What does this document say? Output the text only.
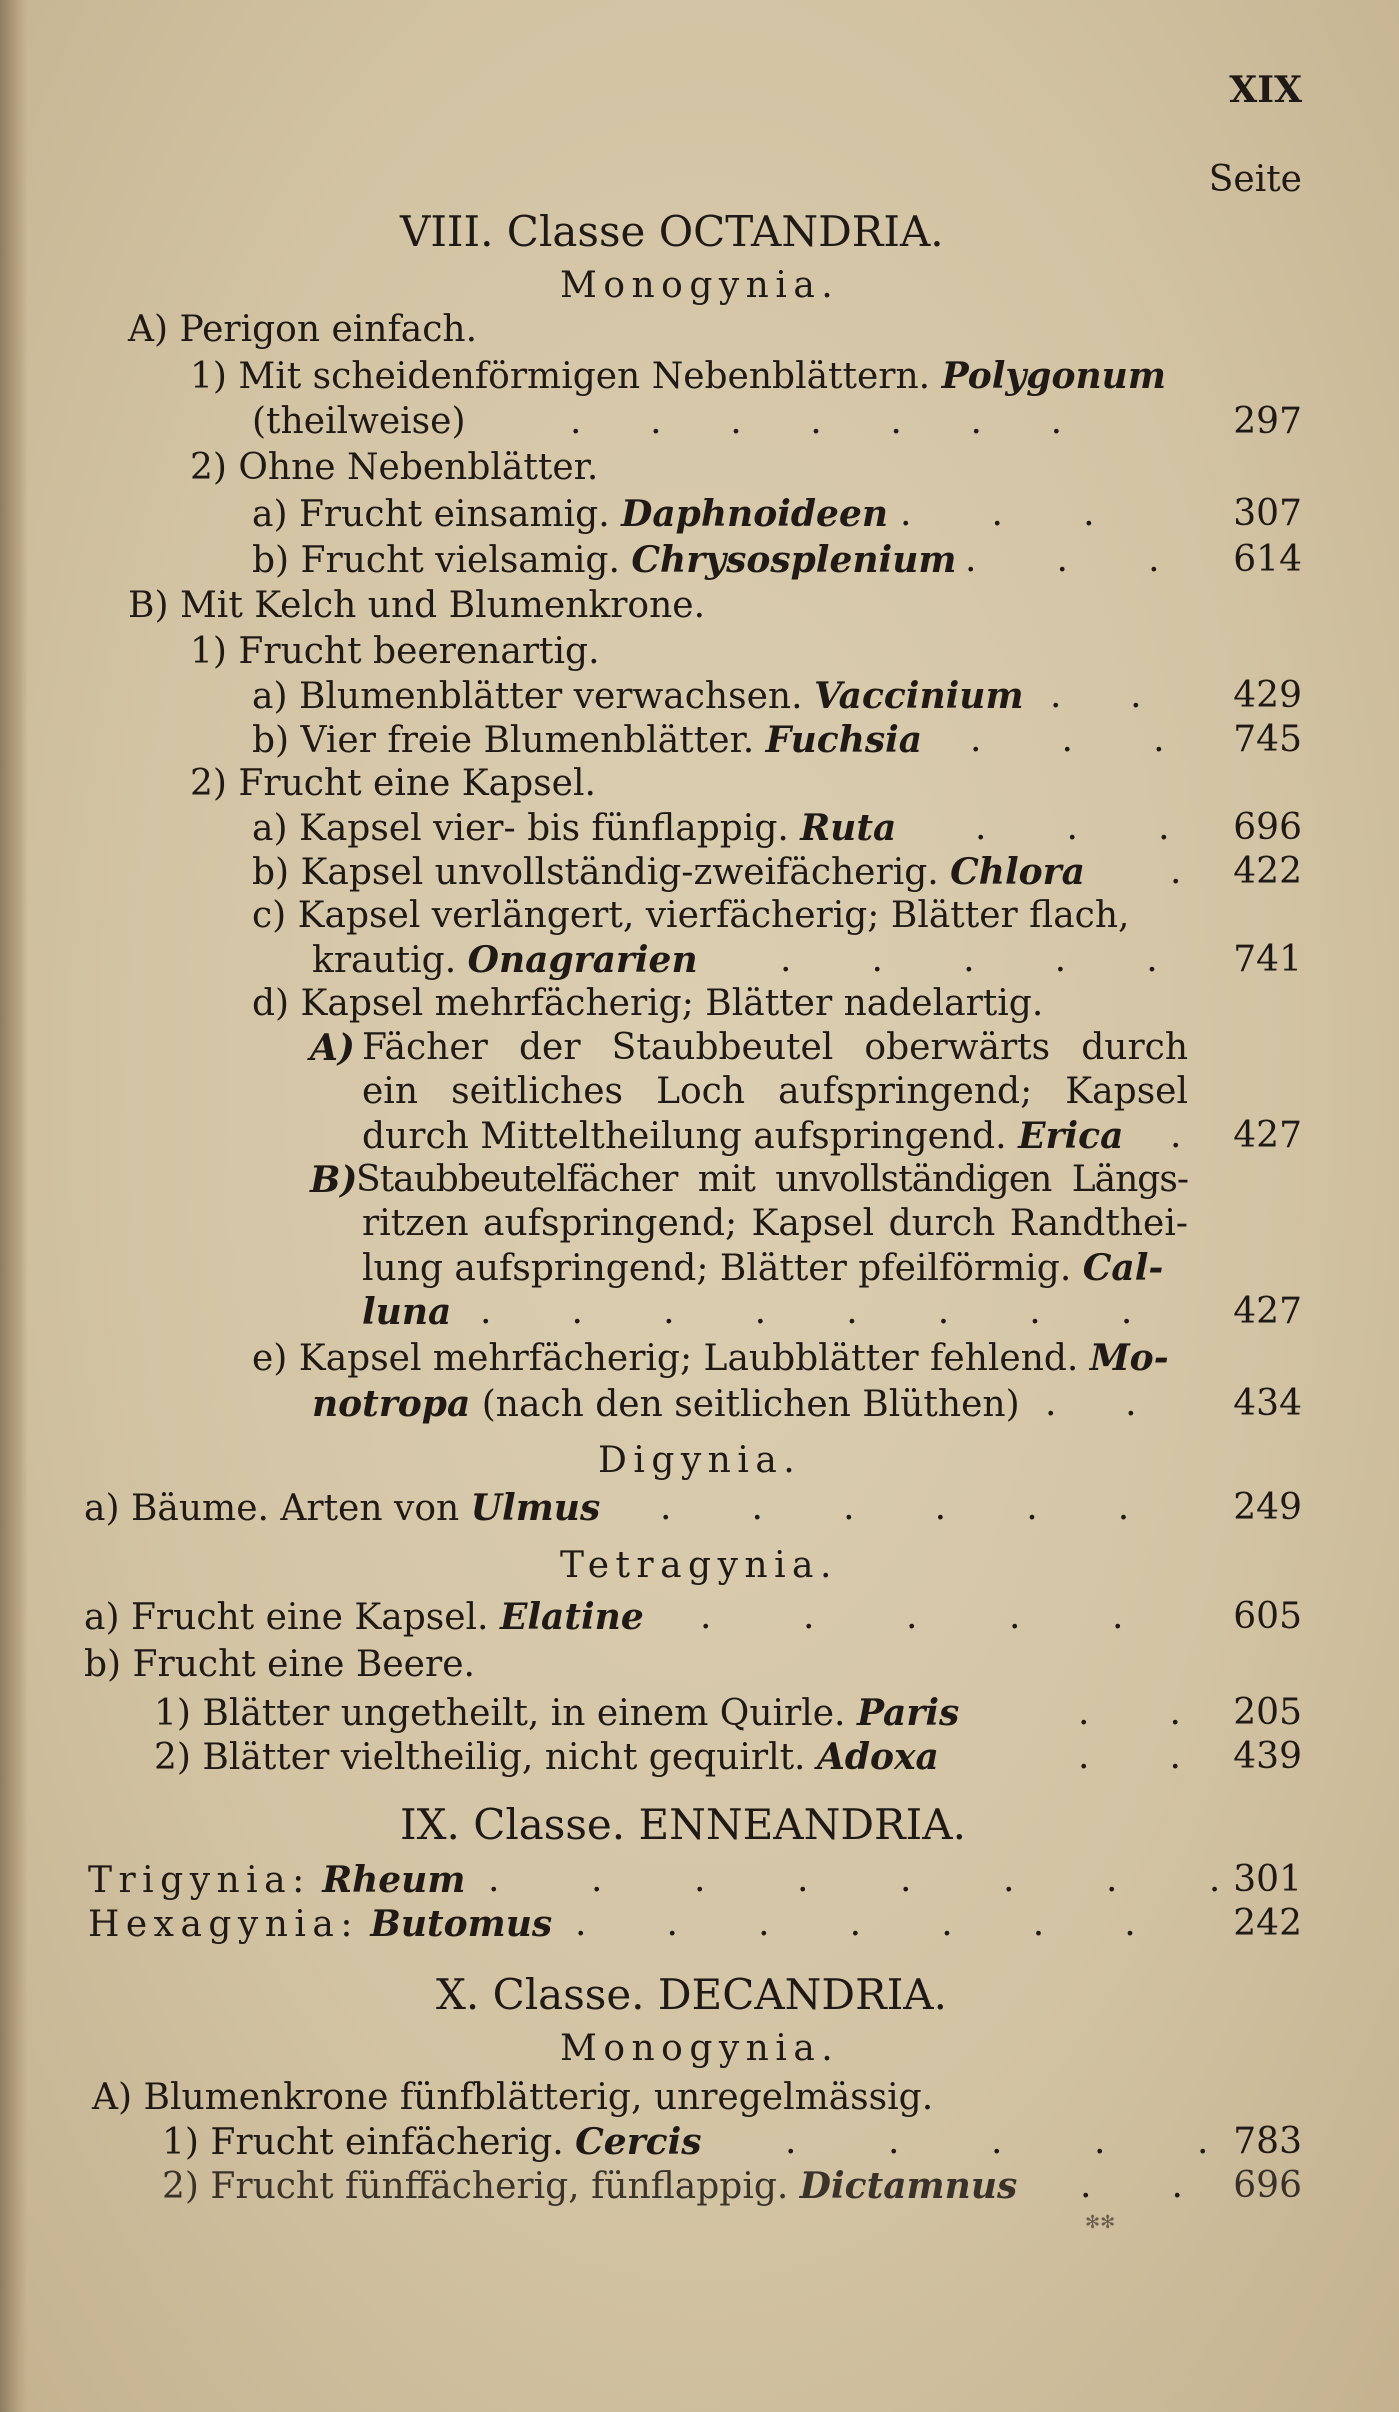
XIX
Seite
VIII. Classe OCTANDRIA.
Monogynia.
A) Perigon einfach.
1) Mit scheidenförmigen Nebenblättern. Polygonum
(theilweise)	.      .      .      .      .      .      .	297
2) Ohne Nebenblätter.
a) Frucht einsamig. Daphnoideen .       .       .	307
b) Frucht vielsamig. Chrysosplenium .       .       . 614
B) Mit Kelch und Blumenkrone.
1) Frucht beerenartig.
a) Blumenblätter verwachsen. Vaccinium .      .	429
b) Vier freie Blumenblätter. Fuchsia .       .       . 745
2) Frucht eine Kapsel.
a) Kapsel vier- bis fünflappig. Ruta .       .       . 696
b) Kapsel unvollständig-zweifächerig. Chlora . 422
c) Kapsel verlängert, vierfächerig; Blätter flach,
krautig. Onagrarien .       .       .       .       . 741
d) Kapsel mehrfächerig; Blätter nadelartig.
A) Fächer der Staubbeutel oberwärts durch
ein seitliches Loch aufspringend; Kapsel
durch Mitteltheilung aufspringend. Erica . 427
B)
Staubbeutelfächer mit unvollständigen Längs-
ritzen aufspringend; Kapsel durch Randthei-
lung aufspringend; Blätter pfeilförmig. Cal-
luna .       .       .       .       .       .       .       .	427
e) Kapsel mehrfächerig; Laubblätter fehlend. Mo-
notropa (nach den seitlichen Blüthen) .      .	434
Digynia.
a) Bäume. Arten von Ulmus .       .       .       .       .       .	249
Tetragynia.
a) Frucht eine Kapsel. Elatine .        .        .        .        .	605
b) Frucht eine Beere.
1) Blätter ungetheilt, in einem Quirle. Paris	.       . 205
2) Blätter vieltheilig, nicht gequirlt. Adoxa	.       . 439
IX. Classe. ENNEANDRIA.
Trigynia: Rheum .        .        .        .        .        .        .        . 301
Hexagynia: Butomus .       .       .       .       .       .       .	242
X. Classe. DECANDRIA.
Monogynia.
A) Blumenkrone fünfblätterig, unregelmässig.
1) Frucht einfächerig. Cercis .        .        .        .        . 783
2) Frucht fünffächerig, fünflappig. Dictamnus .       . 696
✻✻
